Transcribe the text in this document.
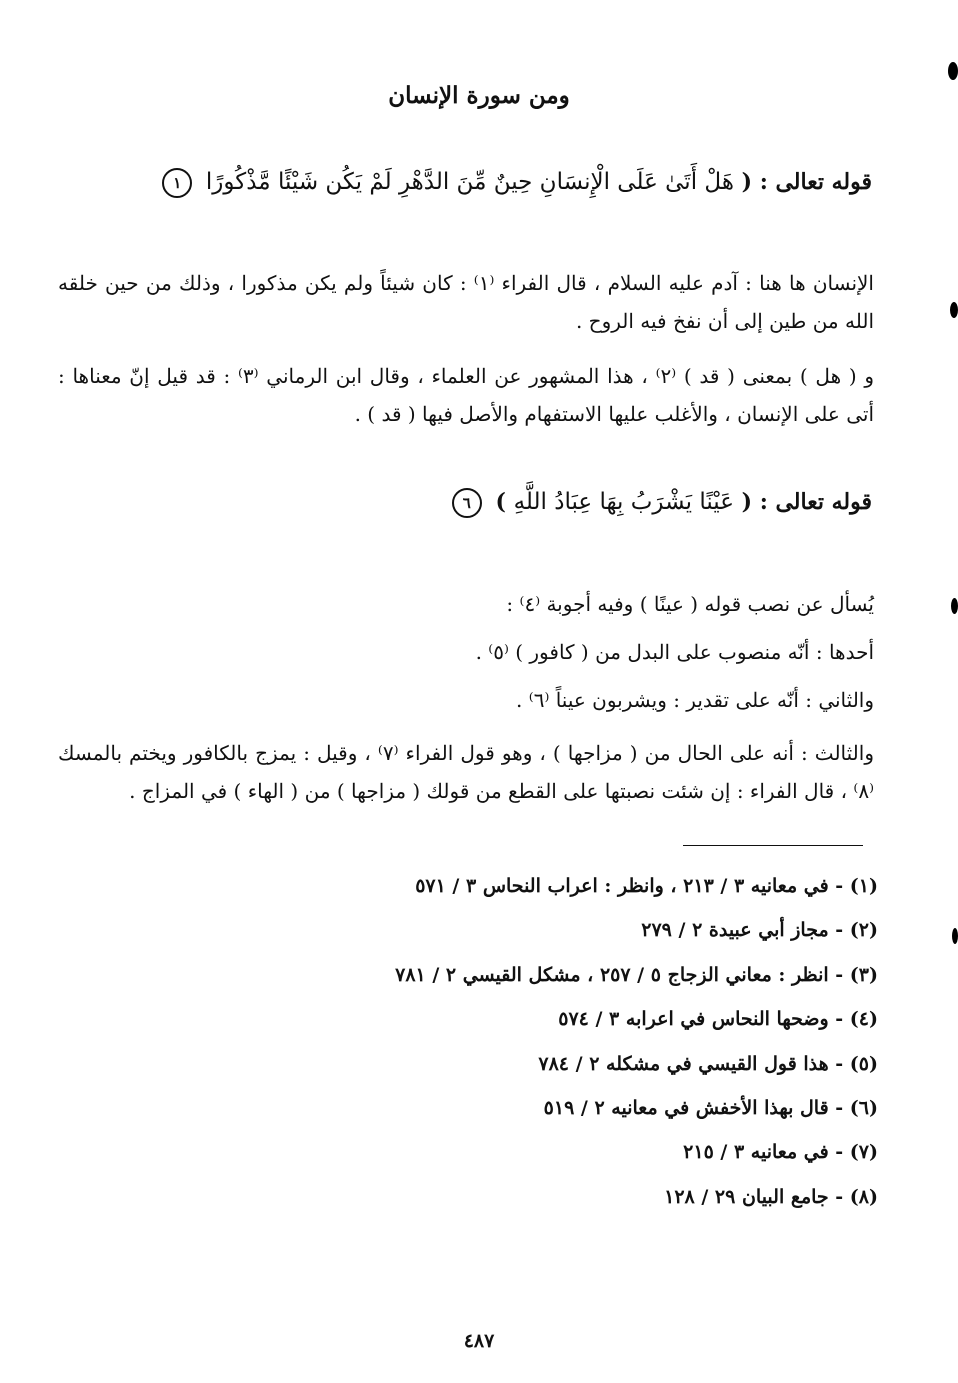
ومن سورة الإنسان
قوله تعالى : ( هَلْ أَتَىٰ عَلَى الْإِنسَانِ حِينٌ مِّنَ الدَّهْرِ لَمْ يَكُن شَيْئًا مَّذْكُورًا ١
الإنسان ها هنا : آدم عليه السلام ، قال الفراء ⁽١⁾ : كان شيئاً ولم يكن مذكورا ، وذلك من حين خلقه الله من طين إلى أن نفخ فيه الروح .
و ( هل ) بمعنى ( قد ) ⁽٢⁾ ، هذا المشهور عن العلماء ، وقال ابن الرماني ⁽٣⁾ : قد قيل إنّ معناها : أتى على الإنسان ، والأغلب عليها الاستفهام والأصل فيها ( قد ) .
قوله تعالى : ( عَيْنًا يَشْرَبُ بِهَا عِبَادُ اللَّهِ ) ٦
يُسأل عن نصب قوله ( عينًا ) وفيه أجوبة ⁽٤⁾ :
أحدها : أنّه منصوب على البدل من ( كافور ) ⁽٥⁾ .
والثاني : أنّه على تقدير : ويشربون عيناً ⁽٦⁾ .
والثالث : أنه على الحال من ( مزاجها ) ، وهو قول الفراء ⁽٧⁾ ، وقيل : يمزج بالكافور ويختم بالمسك ⁽٨⁾ ، قال الفراء : إن شئت نصبتها على القطع من قولك ( مزاجها ) من ( الهاء ) في المزاج .
(١) - في معانيه ٣ / ٢١٣ ، وانظر : اعراب النحاس ٣ / ٥٧١
(٢) - مجاز أبي عبيدة ٢ / ٢٧٩
(٣) - انظر : معاني الزجاج ٥ / ٢٥٧ ، مشكل القيسي ٢ / ٧٨١
(٤) - وضحها النحاس في اعرابه ٣ / ٥٧٤
(٥) - هذا قول القيسي في مشكله ٢ / ٧٨٤
(٦) - قال بهذا الأخفش في معانيه ٢ / ٥١٩
(٧) - في معانيه ٣ / ٢١٥
(٨) - جامع البيان ٢٩ / ١٢٨
٤٨٧
